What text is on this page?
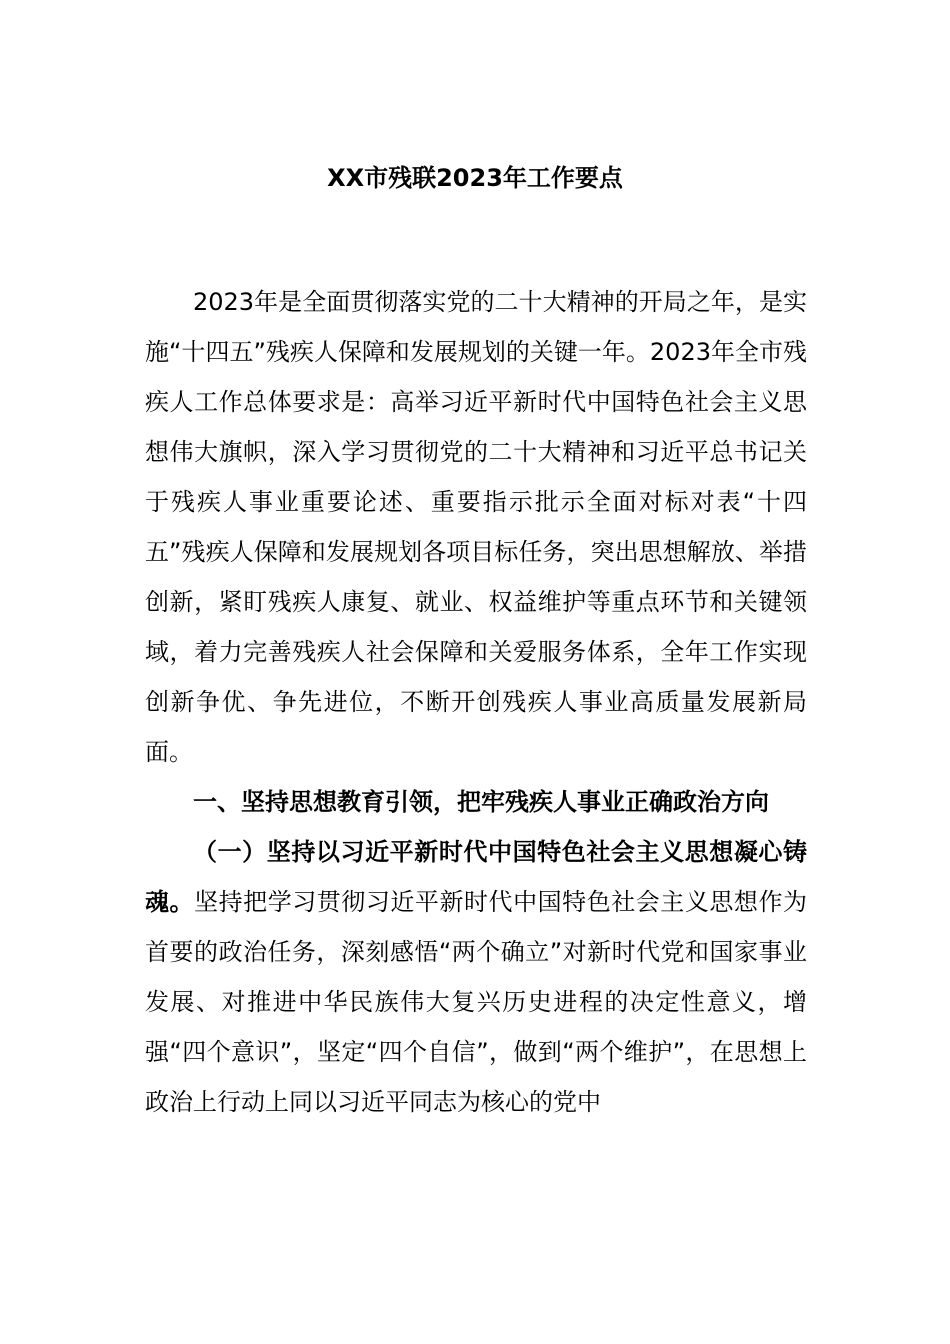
XX市残联2023年工作要点

2023年是全面贯彻落实党的二十大精神的开局之年，是实施“十四五”残疾人保障和发展规划的关键一年。2023年全市残疾人工作总体要求是：高举习近平新时代中国特色社会主义思想伟大旗帜，深入学习贯彻党的二十大精神和习近平总书记关于残疾人事业重要论述、重要指示批示全面对标对表“十四五”残疾人保障和发展规划各项目标任务，突出思想解放、举措创新，紧盯残疾人康复、就业、权益维护等重点环节和关键领域，着力完善残疾人社会保障和关爱服务体系，全年工作实现创新争优、争先进位，不断开创残疾人事业高质量发展新局面。

一、坚持思想教育引领，把牢残疾人事业正确政治方向

（一）坚持以习近平新时代中国特色社会主义思想凝心铸魂。坚持把学习贯彻习近平新时代中国特色社会主义思想作为首要的政治任务，深刻感悟“两个确立”对新时代党和国家事业发展、对推进中华民族伟大复兴历史进程的决定性意义，增强“四个意识”，坚定“四个自信”，做到“两个维护”，在思想上政治上行动上同以习近平同志为核心的党中
